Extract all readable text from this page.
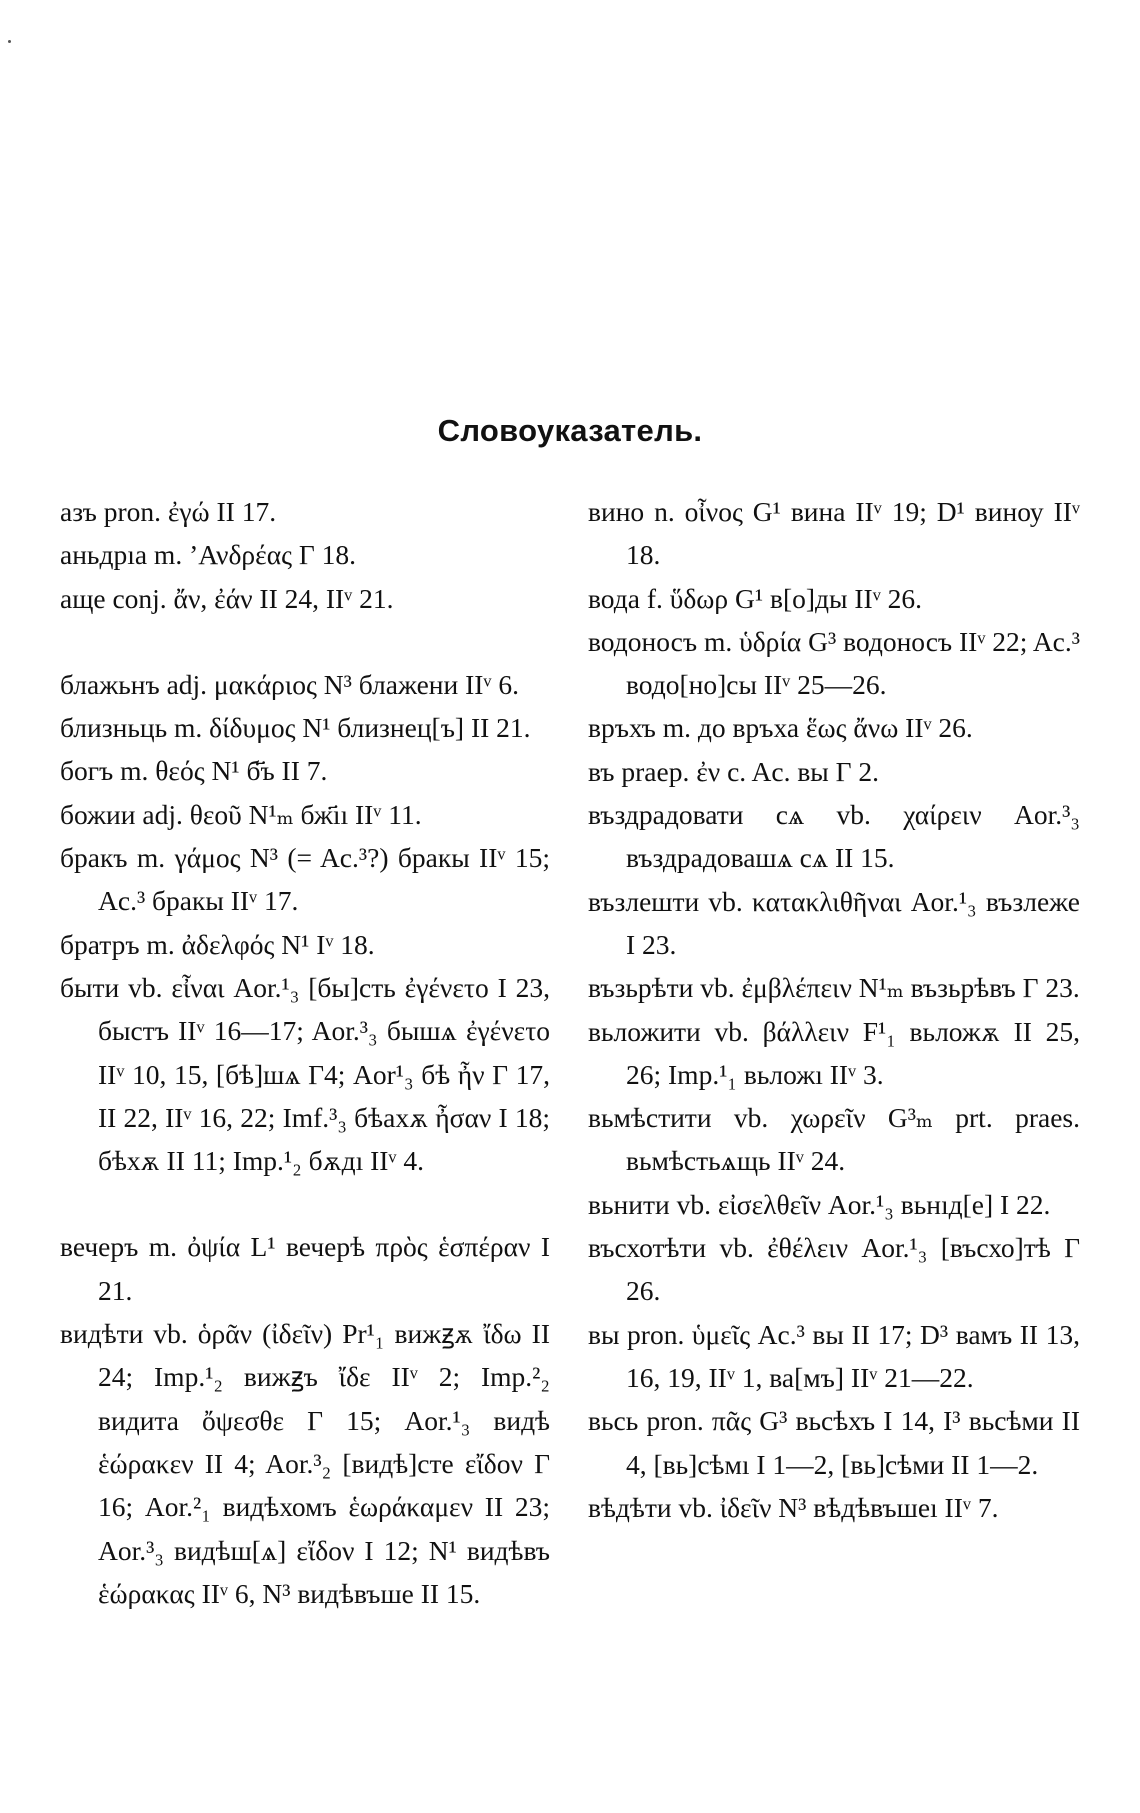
Словоуказатель.
азъ pron. ἐγώ II 17.
аньдрıа m. ’Ανδρέας Γ 18.
аще conj. ἄν, ἐάν II 24, IIᵛ 21.
блажьнъ adj. μακάριος N³ блажени IIᵛ 6.
близньць m. δίδυμος N¹ близнец[ъ] II 21.
богъ m. θεός N¹ б҃ъ II 7.
божии adj. θεοῦ N¹ₘ бж҃ıı IIᵛ 11.
бракъ m. γάμος N³ (= Ac.³?) бракы IIᵛ 15; Ac.³ бракы IIᵛ 17.
братръ m. ἀδελφός N¹ Iᵛ 18.
быти vb. εἶναι Aor.¹₃ [бы]сть ἐγένετο I 23, быстъ IIᵛ 16—17; Aor.³₃ бышѧ ἐγένετο IIᵛ 10, 15, [бѣ]шѧ Γ4; Aor¹₃ бѣ ἦν Γ 17, II 22, IIᵛ 16, 22; Imf.³₃ бѣахѫ ἦσαν I 18; бѣхѫ II 11; Imp.¹₂ бѫдı IIᵛ 4.
вечеръ m. ὀψία L¹ вечерѣ πρὸς ἑσπέραν I 21.
видѣти vb. ὁρᾶν (ἰδεῖν) Pr¹₁ вижꙃѫ ἴδω II 24; Imp.¹₂ вижꙃъ ἴδε IIᵛ 2; Imp.²₂ видита ὄψεσθε Γ 15; Aor.¹₃ видѣ ἑώρακεν II 4; Aor.³₂ [видѣ]сте εἴδον Γ 16; Aor.²₁ видѣхомъ ἑωράκαμεν II 23; Aor.³₃ видѣш[ѧ] εἴδον I 12; N¹ видѣвъ ἑώρακας IIᵛ 6, N³ видѣвъше II 15.
вино n. οἶνος G¹ вина IIᵛ 19; D¹ виноу IIᵛ 18.
вода f. ὕδωρ G¹ в[о]ды IIᵛ 26.
водоносъ m. ὑδρία G³ водоносъ IIᵛ 22; Ac.³ водо[но]сы IIᵛ 25—26.
връхъ m. до връха ἕως ἄνω IIᵛ 26.
въ praep. ἐν c. Ac. вы Γ 2.
въздрадовати сѧ vb. χαίρειν Aor.³₃ въздрадовашѧ сѧ II 15.
възлешти vb. κατακλιθῆναι Aor.¹₃ възлеже I 23.
възьрѣти vb. ἐμβλέπειν N¹ₘ възьрѣвъ Γ 23.
вьложити vb. βάλλειν F¹₁ вьложѫ II 25, 26; Imp.¹₁ вьложı IIᵛ 3.
вьмѣстити vb. χωρεῖν G³ₘ prt. praes. вьмѣстьѧщь IIᵛ 24.
вьнити vb. εἰσελθεῖν Aor.¹₃ вьнıд[е] I 22.
въсхотѣти vb. ἐθέλειν Aor.¹₃ [въсхо]тѣ Γ 26.
вы pron. ὑμεῖς Ac.³ вы II 17; D³ вамъ II 13, 16, 19, IIᵛ 1, ва[мъ] IIᵛ 21—22.
вьсь pron. πᾶς G³ вьсѣхъ I 14, I³ вьсѣми II 4, [вь]сѣмı I 1—2, [вь]сѣми II 1—2.
вѣдѣти vb. ἰδεῖν N³ вѣдѣвъшеı IIᵛ 7.
